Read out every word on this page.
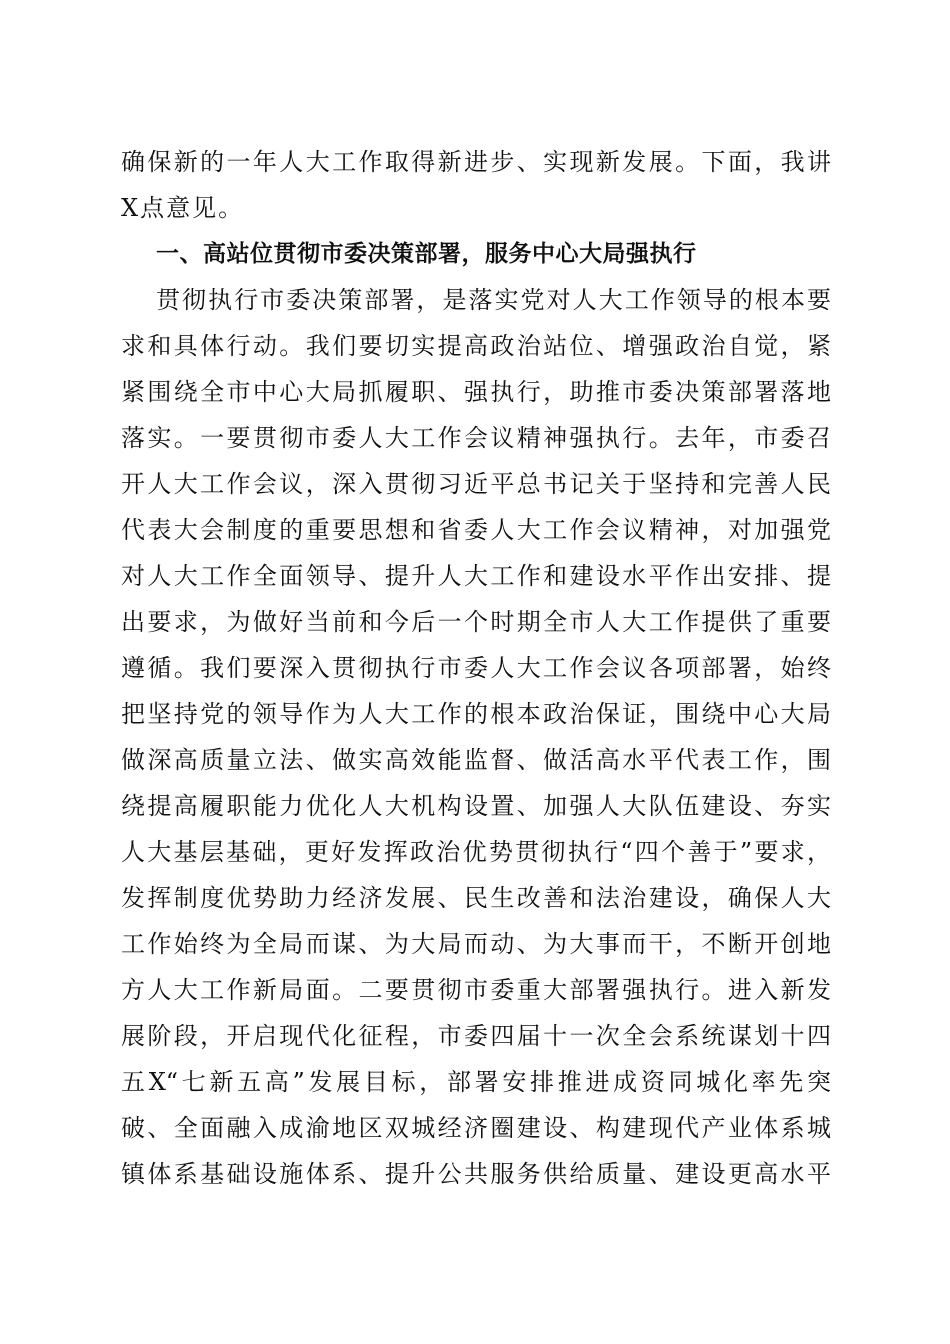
确保新的一年人大工作取得新进步、实现新发展。下面，我讲
X点意见。
一、高站位贯彻市委决策部署，服务中心大局强执行
贯彻执行市委决策部署，是落实党对人大工作领导的根本要
求和具体行动。我们要切实提高政治站位、增强政治自觉，紧
紧围绕全市中心大局抓履职、强执行，助推市委决策部署落地
落实。一要贯彻市委人大工作会议精神强执行。去年，市委召
开人大工作会议，深入贯彻习近平总书记关于坚持和完善人民
代表大会制度的重要思想和省委人大工作会议精神，对加强党
对人大工作全面领导、提升人大工作和建设水平作出安排、提
出要求，为做好当前和今后一个时期全市人大工作提供了重要
遵循。我们要深入贯彻执行市委人大工作会议各项部署，始终
把坚持党的领导作为人大工作的根本政治保证，围绕中心大局
做深高质量立法、做实高效能监督、做活高水平代表工作，围
绕提高履职能力优化人大机构设置、加强人大队伍建设、夯实
人大基层基础，更好发挥政治优势贯彻执行“四个善于”要求，
发挥制度优势助力经济发展、民生改善和法治建设，确保人大
工作始终为全局而谋、为大局而动、为大事而干，不断开创地
方人大工作新局面。二要贯彻市委重大部署强执行。进入新发
展阶段，开启现代化征程，市委四届十一次全会系统谋划十四
五X“七新五高”发展目标，部署安排推进成资同城化率先突
破、全面融入成渝地区双城经济圈建设、构建现代产业体系城
镇体系基础设施体系、提升公共服务供给质量、建设更高水平
